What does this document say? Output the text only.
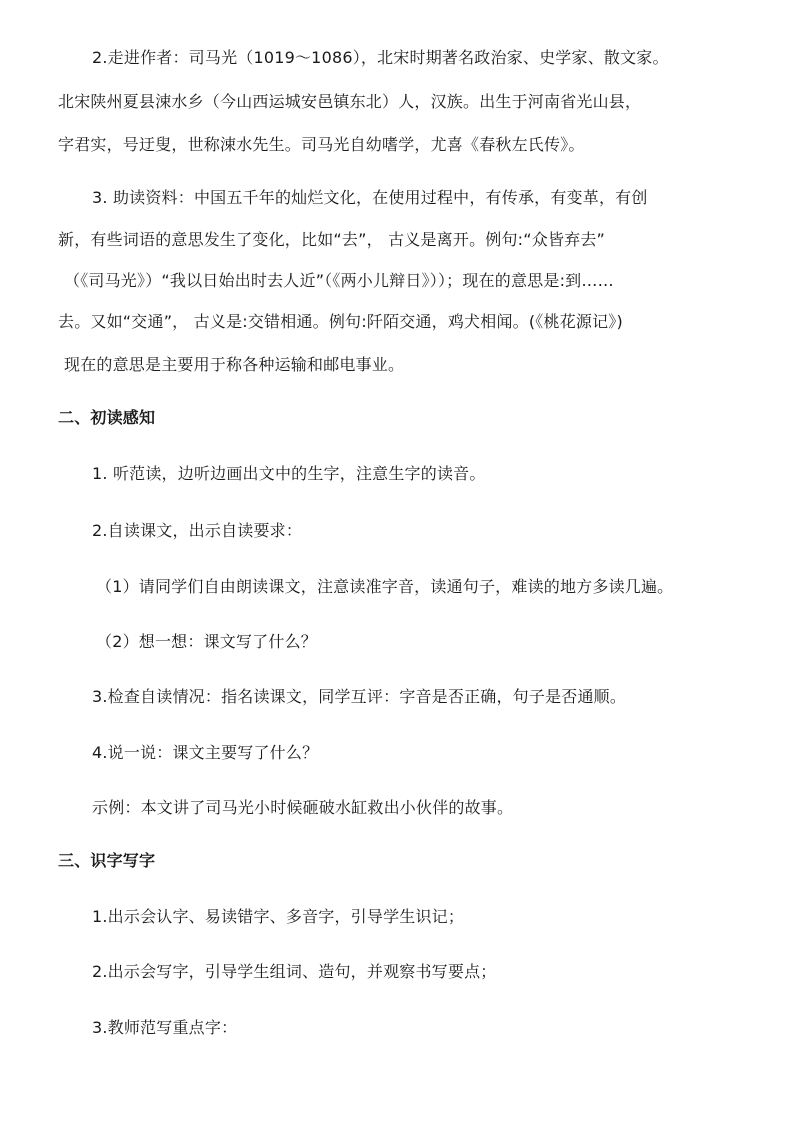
2.走进作者：司马光（1019～1086），北宋时期著名政治家、史学家、散文家。
北宋陕州夏县涑水乡（今山西运城安邑镇东北）人，汉族。出生于河南省光山县，
字君实，号迂叟，世称涑水先生。司马光自幼嗜学，尤喜《春秋左氏传》。
3. 助读资料：中国五千年的灿烂文化，在使用过程中，有传承，有变革，有创
新，有些词语的意思发生了变化，比如“去”， 古义是离开。例句:“众皆弃去”
（《司马光》）“我以日始出时去人近”（《两小儿辩日》））；现在的意思是:到……
去。又如“交通”， 古义是:交错相通。例句:阡陌交通，鸡犬相闻。(《桃花源记》)
现在的意思是主要用于称各种运输和邮电事业。
二、初读感知
1. 听范读，边听边画出文中的生字，注意生字的读音。
2.自读课文，出示自读要求：
（1）请同学们自由朗读课文，注意读准字音，读通句子，难读的地方多读几遍。
（2）想一想：课文写了什么？
3.检查自读情况：指名读课文，同学互评：字音是否正确，句子是否通顺。
4.说一说：课文主要写了什么？
示例：本文讲了司马光小时候砸破水缸救出小伙伴的故事。
三、识字写字
1.出示会认字、易读错字、多音字，引导学生识记；
2.出示会写字，引导学生组词、造句，并观察书写要点；
3.教师范写重点字：
